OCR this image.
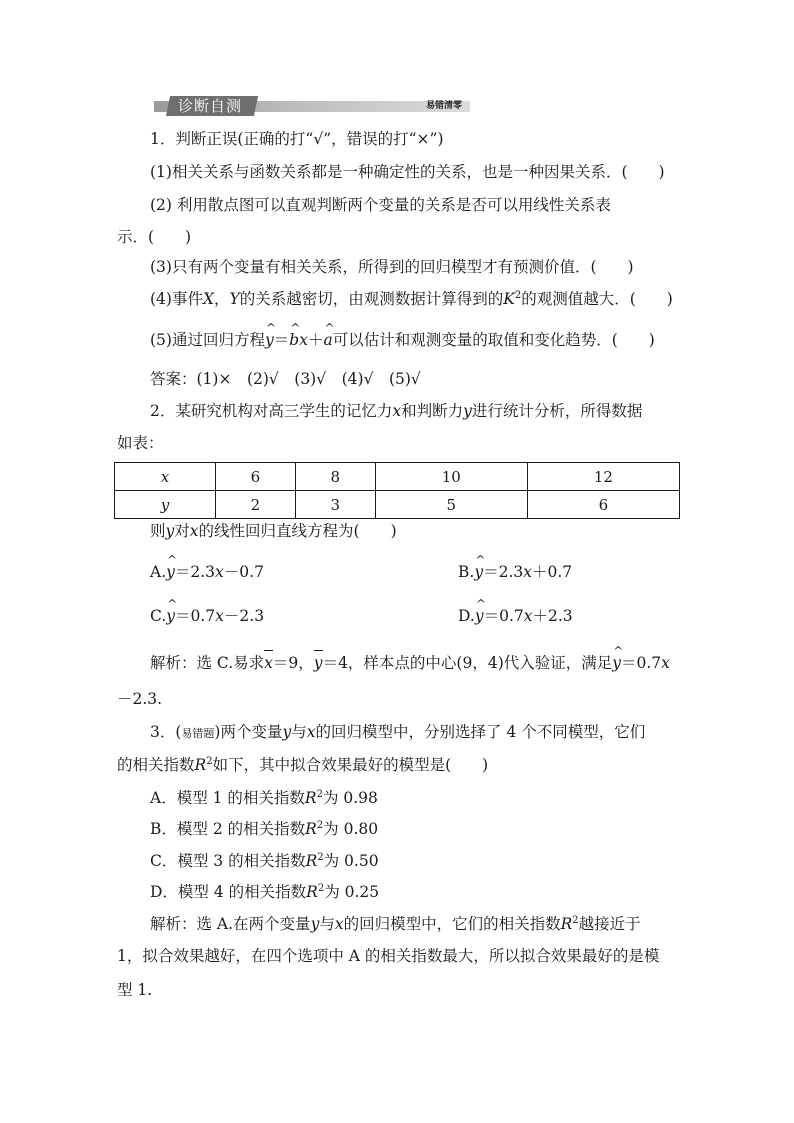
诊断自测	易错清零
1．判断正误(正确的打“√”，错误的打“×”)
(1)相关关系与函数关系都是一种确定性的关系，也是一种因果关系．(　　)
(2) 利用散点图可以直观判断两个变量的关系是否可以用线性关系表
示．(　　)
(3)只有两个变量有相关关系，所得到的回归模型才有预测价值．(　　)
(4)事件X，Y的关系越密切，由观测数据计算得到的$K^2$的观测值越大．(　　)
(5)通过回归方程^ y＝^ bx＋^ a可以估计和观测变量的取值和变化趋势．(　　)
答案：(1)×　(2)√　(3)√　(4)√　(5)√
2．某研究机构对高三学生的记忆力x和判断力y进行统计分析，所得数据
如表：
x	6	8	10	12
y	2	3	5	6
则y对x的线性回归直线方程为(　　)
A.^ y＝2.3x－0.7	B.^ y＝2.3x＋0.7
C.^ y＝0.7x－2.3	D.^ y＝0.7x＋2.3
解析：选 C.易求x＝9，y＝4，样本点的中心(9，4)代入验证，满足^ y＝0.7x
－2.3.
3．(易错题)两个变量y与x的回归模型中，分别选择了 4 个不同模型，它们
的相关指数$R^2$如下，其中拟合效果最好的模型是(　　)
A．模型 1 的相关指数$R^2$为 0.98
B．模型 2 的相关指数$R^2$为 0.80
C．模型 3 的相关指数$R^2$为 0.50
D．模型 4 的相关指数$R^2$为 0.25
解析：选 A.在两个变量y与x的回归模型中，它们的相关指数$R^2$越接近于
1，拟合效果越好，在四个选项中 A 的相关指数最大，所以拟合效果最好的是模
型 1.
